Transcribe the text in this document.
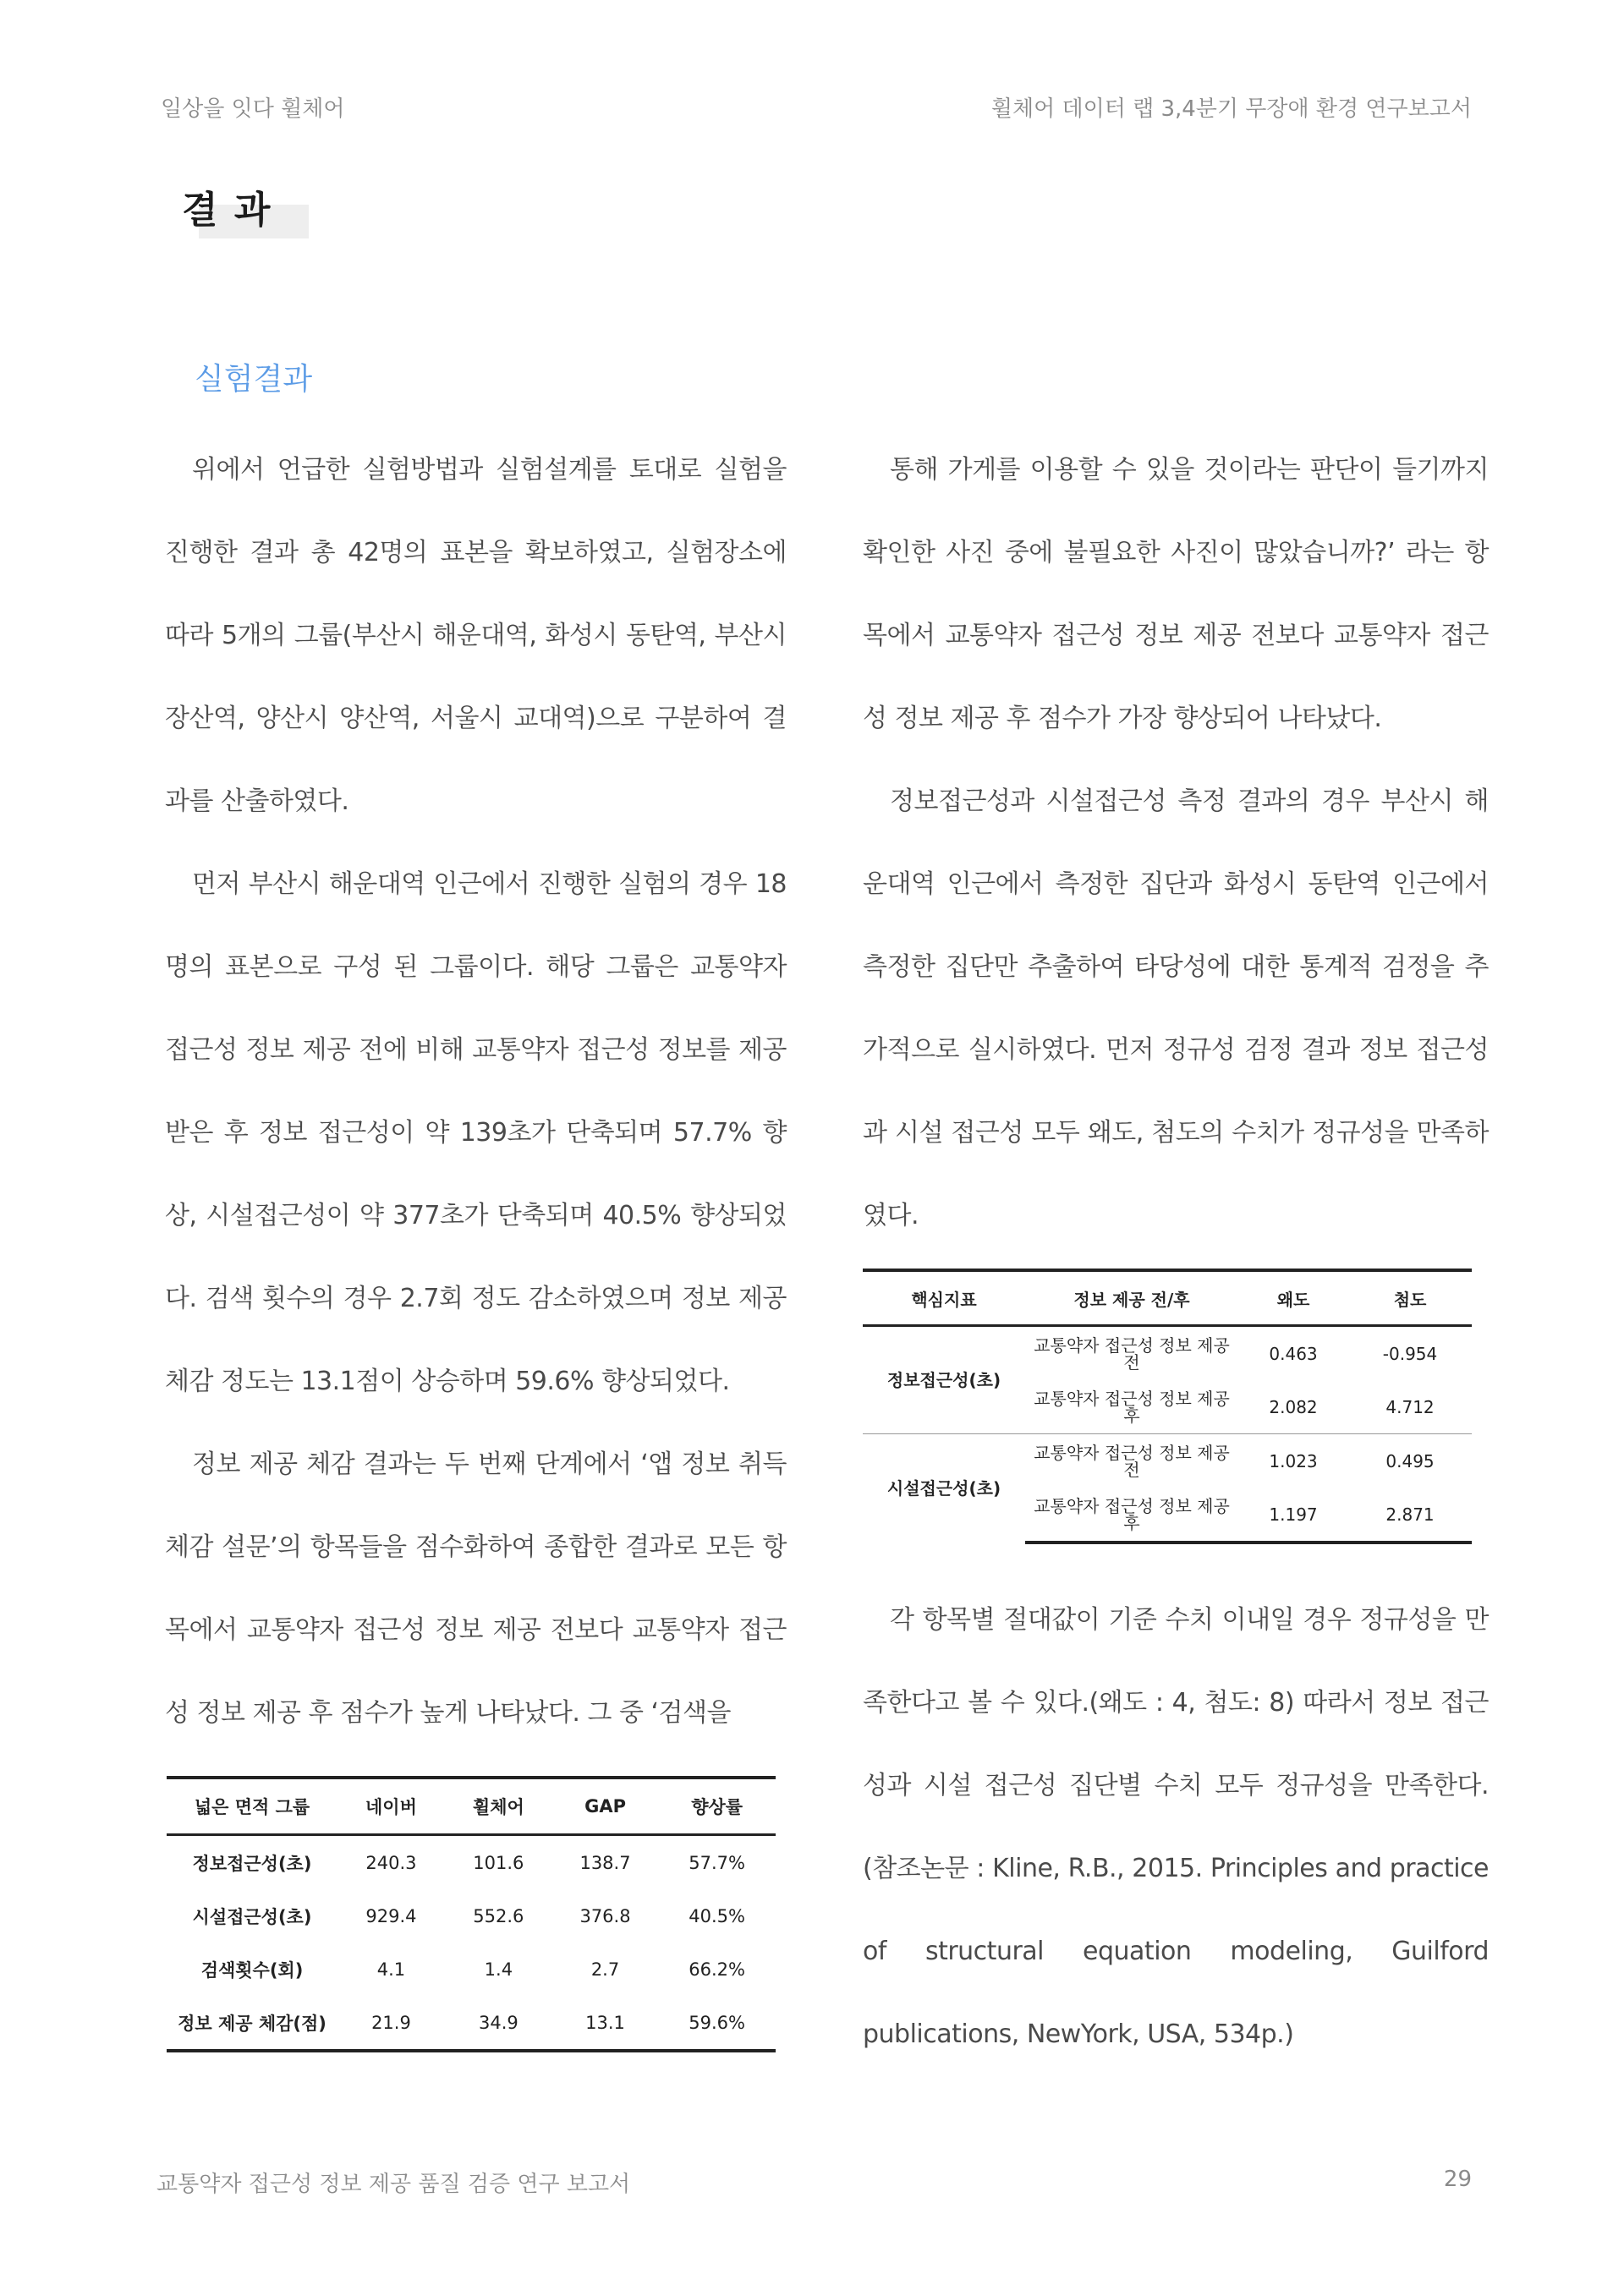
일상을 잇다 휠체어	휠체어 데이터 랩 3,4분기 무장애 환경 연구보고서
결 과
실험결과

위에서 언급한 실험방법과 실험설계를 토대로 실험을 진행한 결과 총 42명의 표본을 확보하였고, 실험장소에 따라 5개의 그룹(부산시 해운대역, 화성시 동탄역, 부산시 장산역, 양산시 양산역, 서울시 교대역)으로 구분하여 결과를 산출하였다.

먼저 부산시 해운대역 인근에서 진행한 실험의 경우 18명의 표본으로 구성 된 그룹이다. 해당 그룹은 교통약자 접근성 정보 제공 전에 비해 교통약자 접근성 정보를 제공받은 후 정보 접근성이 약 139초가 단축되며 57.7% 향상, 시설접근성이 약 377초가 단축되며 40.5% 향상되었다. 검색 횟수의 경우 2.7회 정도 감소하였으며 정보 제공 체감 정도는 13.1점이 상승하며 59.6% 향상되었다.

정보 제공 체감 결과는 두 번째 단계에서 ‘앱 정보 취득 체감 설문’의 항목들을 점수화하여 종합한 결과로 모든 항목에서 교통약자 접근성 정보 제공 전보다 교통약자 접근성 정보 제공 후 점수가 높게 나타났다. 그 중 ‘검색을

넓은 면적 그룹	네이버	휠체어	GAP	향상률
정보접근성(초)	240.3	101.6	138.7	57.7%
시설접근성(초)	929.4	552.6	376.8	40.5%
검색횟수(회)	4.1	1.4	2.7	66.2%
정보 제공 체감(점)	21.9	34.9	13.1	59.6%

통해 가게를 이용할 수 있을 것이라는 판단이 들기까지 확인한 사진 중에 불필요한 사진이 많았습니까?’ 라는 항목에서 교통약자 접근성 정보 제공 전보다 교통약자 접근성 정보 제공 후 점수가 가장 향상되어 나타났다.

정보접근성과 시설접근성 측정 결과의 경우 부산시 해운대역 인근에서 측정한 집단과 화성시 동탄역 인근에서 측정한 집단만 추출하여 타당성에 대한 통계적 검정을 추가적으로 실시하였다. 먼저 정규성 검정 결과 정보 접근성과 시설 접근성 모두 왜도, 첨도의 수치가 정규성을 만족하였다.

각 항목별 절대값이 기준 수치 이내일 경우 정규성을 만족한다고 볼 수 있다.(왜도 : 4, 첨도: 8) 따라서 정보 접근성과 시설 접근성 집단별 수치 모두 정규성을 만족한다. (참조논문 : Kline, R.B., 2015. Principles and practice of structural equation modeling, Guilford publications, NewYork, USA, 534p.)

핵심지표	정보 제공 전/후	왜도	첨도
정보접근성(초)	교통약자 접근성 정보 제공 전	0.463	-0.954
	교통약자 접근성 정보 제공 후	2.082	4.712
시설접근성(초)	교통약자 접근성 정보 제공 전	1.023	0.495
	교통약자 접근성 정보 제공 후	1.197	2.871
교통약자 접근성 정보 제공 품질 검증 연구 보고서	29
